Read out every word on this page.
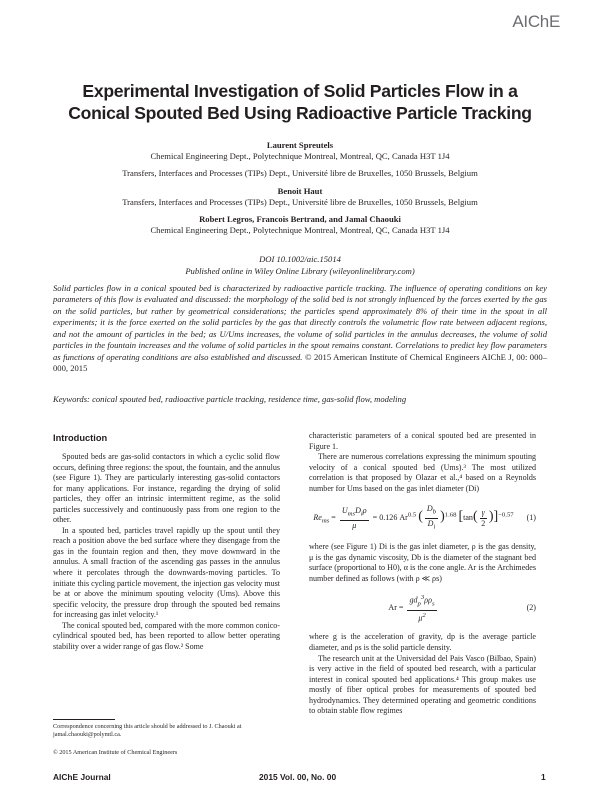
AIChE
Experimental Investigation of Solid Particles Flow in a Conical Spouted Bed Using Radioactive Particle Tracking
Laurent Spreutels
Chemical Engineering Dept., Polytechnique Montreal, Montreal, QC, Canada H3T 1J4
Transfers, Interfaces and Processes (TIPs) Dept., Université libre de Bruxelles, 1050 Brussels, Belgium
Benoit Haut
Transfers, Interfaces and Processes (TIPs) Dept., Université libre de Bruxelles, 1050 Brussels, Belgium
Robert Legros, Francois Bertrand, and Jamal Chaouki
Chemical Engineering Dept., Polytechnique Montreal, Montreal, QC, Canada H3T 1J4
DOI 10.1002/aic.15014
Published online in Wiley Online Library (wileyonlinelibrary.com)
Solid particles flow in a conical spouted bed is characterized by radioactive particle tracking. The influence of operating conditions on key parameters of this flow is evaluated and discussed: the morphology of the solid bed is not strongly influenced by the forces exerted by the gas on the solid particles, but rather by geometrical considerations; the particles spend approximately 8% of their time in the spout in all experiments; it is the force exerted on the solid particles by the gas that directly controls the volumetric flow rate between adjacent regions, and not the amount of particles in the bed; as U/Ums increases, the volume of solid particles in the annulus decreases, the volume of solid particles in the fountain increases and the volume of solid particles in the spout remains constant. Correlations to predict key flow parameters as functions of operating conditions are also established and discussed. © 2015 American Institute of Chemical Engineers AIChE J, 00: 000–000, 2015
Keywords: conical spouted bed, radioactive particle tracking, residence time, gas-solid flow, modeling
Introduction

Spouted beds are gas-solid contactors in which a cyclic solid flow occurs, defining three regions: the spout, the fountain, and the annulus (see Figure 1). They are particularly interesting gas-solid contactors for many applications. For instance, regarding the drying of solid particles, they offer an intrinsic intermittent regime, as the solid particles successively and continuously pass from one region to the other.

In a spouted bed, particles travel rapidly up the spout until they reach a position above the bed surface where they disengage from the gas in the fountain region and then, they move downward in the annulus. A small fraction of the ascending gas passes in the annulus where it percolates through the downwards-moving particles. To initiate this cycling particle movement, the injection gas velocity must be at or above the minimum spouting velocity (Ums). Above this specific velocity, the pressure drop through the spouted bed remains for increasing gas inlet velocity.¹

The conical spouted bed, compared with the more common conico-cylindrical spouted bed, has been reported to allow better operating stability over a wider range of gas flow.² Some

characteristic parameters of a conical spouted bed are presented in Figure 1.

There are numerous correlations expressing the minimum spouting velocity of a conical spouted bed (Ums).³ The most utilized correlation is that proposed by Olazar et al.,⁴ based on a Reynolds number for Ums based on the gas inlet diameter (Di)

$Re_{ms} = \frac{U_{ms}D_i\rho}{\mu} = 0.126$ $Ar^{0.5}$ ( $\frac{D_b}{D_i} )^{1.68}$ $[\tan( \frac{\gamma}{2} )]^{-0.57}$	(1)

where (see Figure 1) Di is the gas inlet diameter, ρ is the gas density, μ is the gas dynamic viscosity, Db is the diameter of the stagnant bed surface (proportional to H0), α is the cone angle. Ar is the Archimedes number defined as follows (with ρ ≪ ρs)

$Ar = \frac{gd_p^3\rho\rho_s}{\mu^2}$	(2)

where g is the acceleration of gravity, dp is the average particle diameter, and ρs is the solid particle density.

The research unit at the Universidad del Pais Vasco (Bilbao, Spain) is very active in the field of spouted bed research, with a particular interest in conical spouted bed applications.⁴ This group makes use mostly of fiber optical probes for measurements of spouted bed hydrodynamics. They determined operating and geometric conditions to obtain stable flow regimes

Correspondence concerning this article should be addressed to J. Chaouki at jamal.chaouki@polymtl.ca.
© 2015 American Institute of Chemical Engineers
AIChE Journal	2015 Vol. 00, No. 00	1
